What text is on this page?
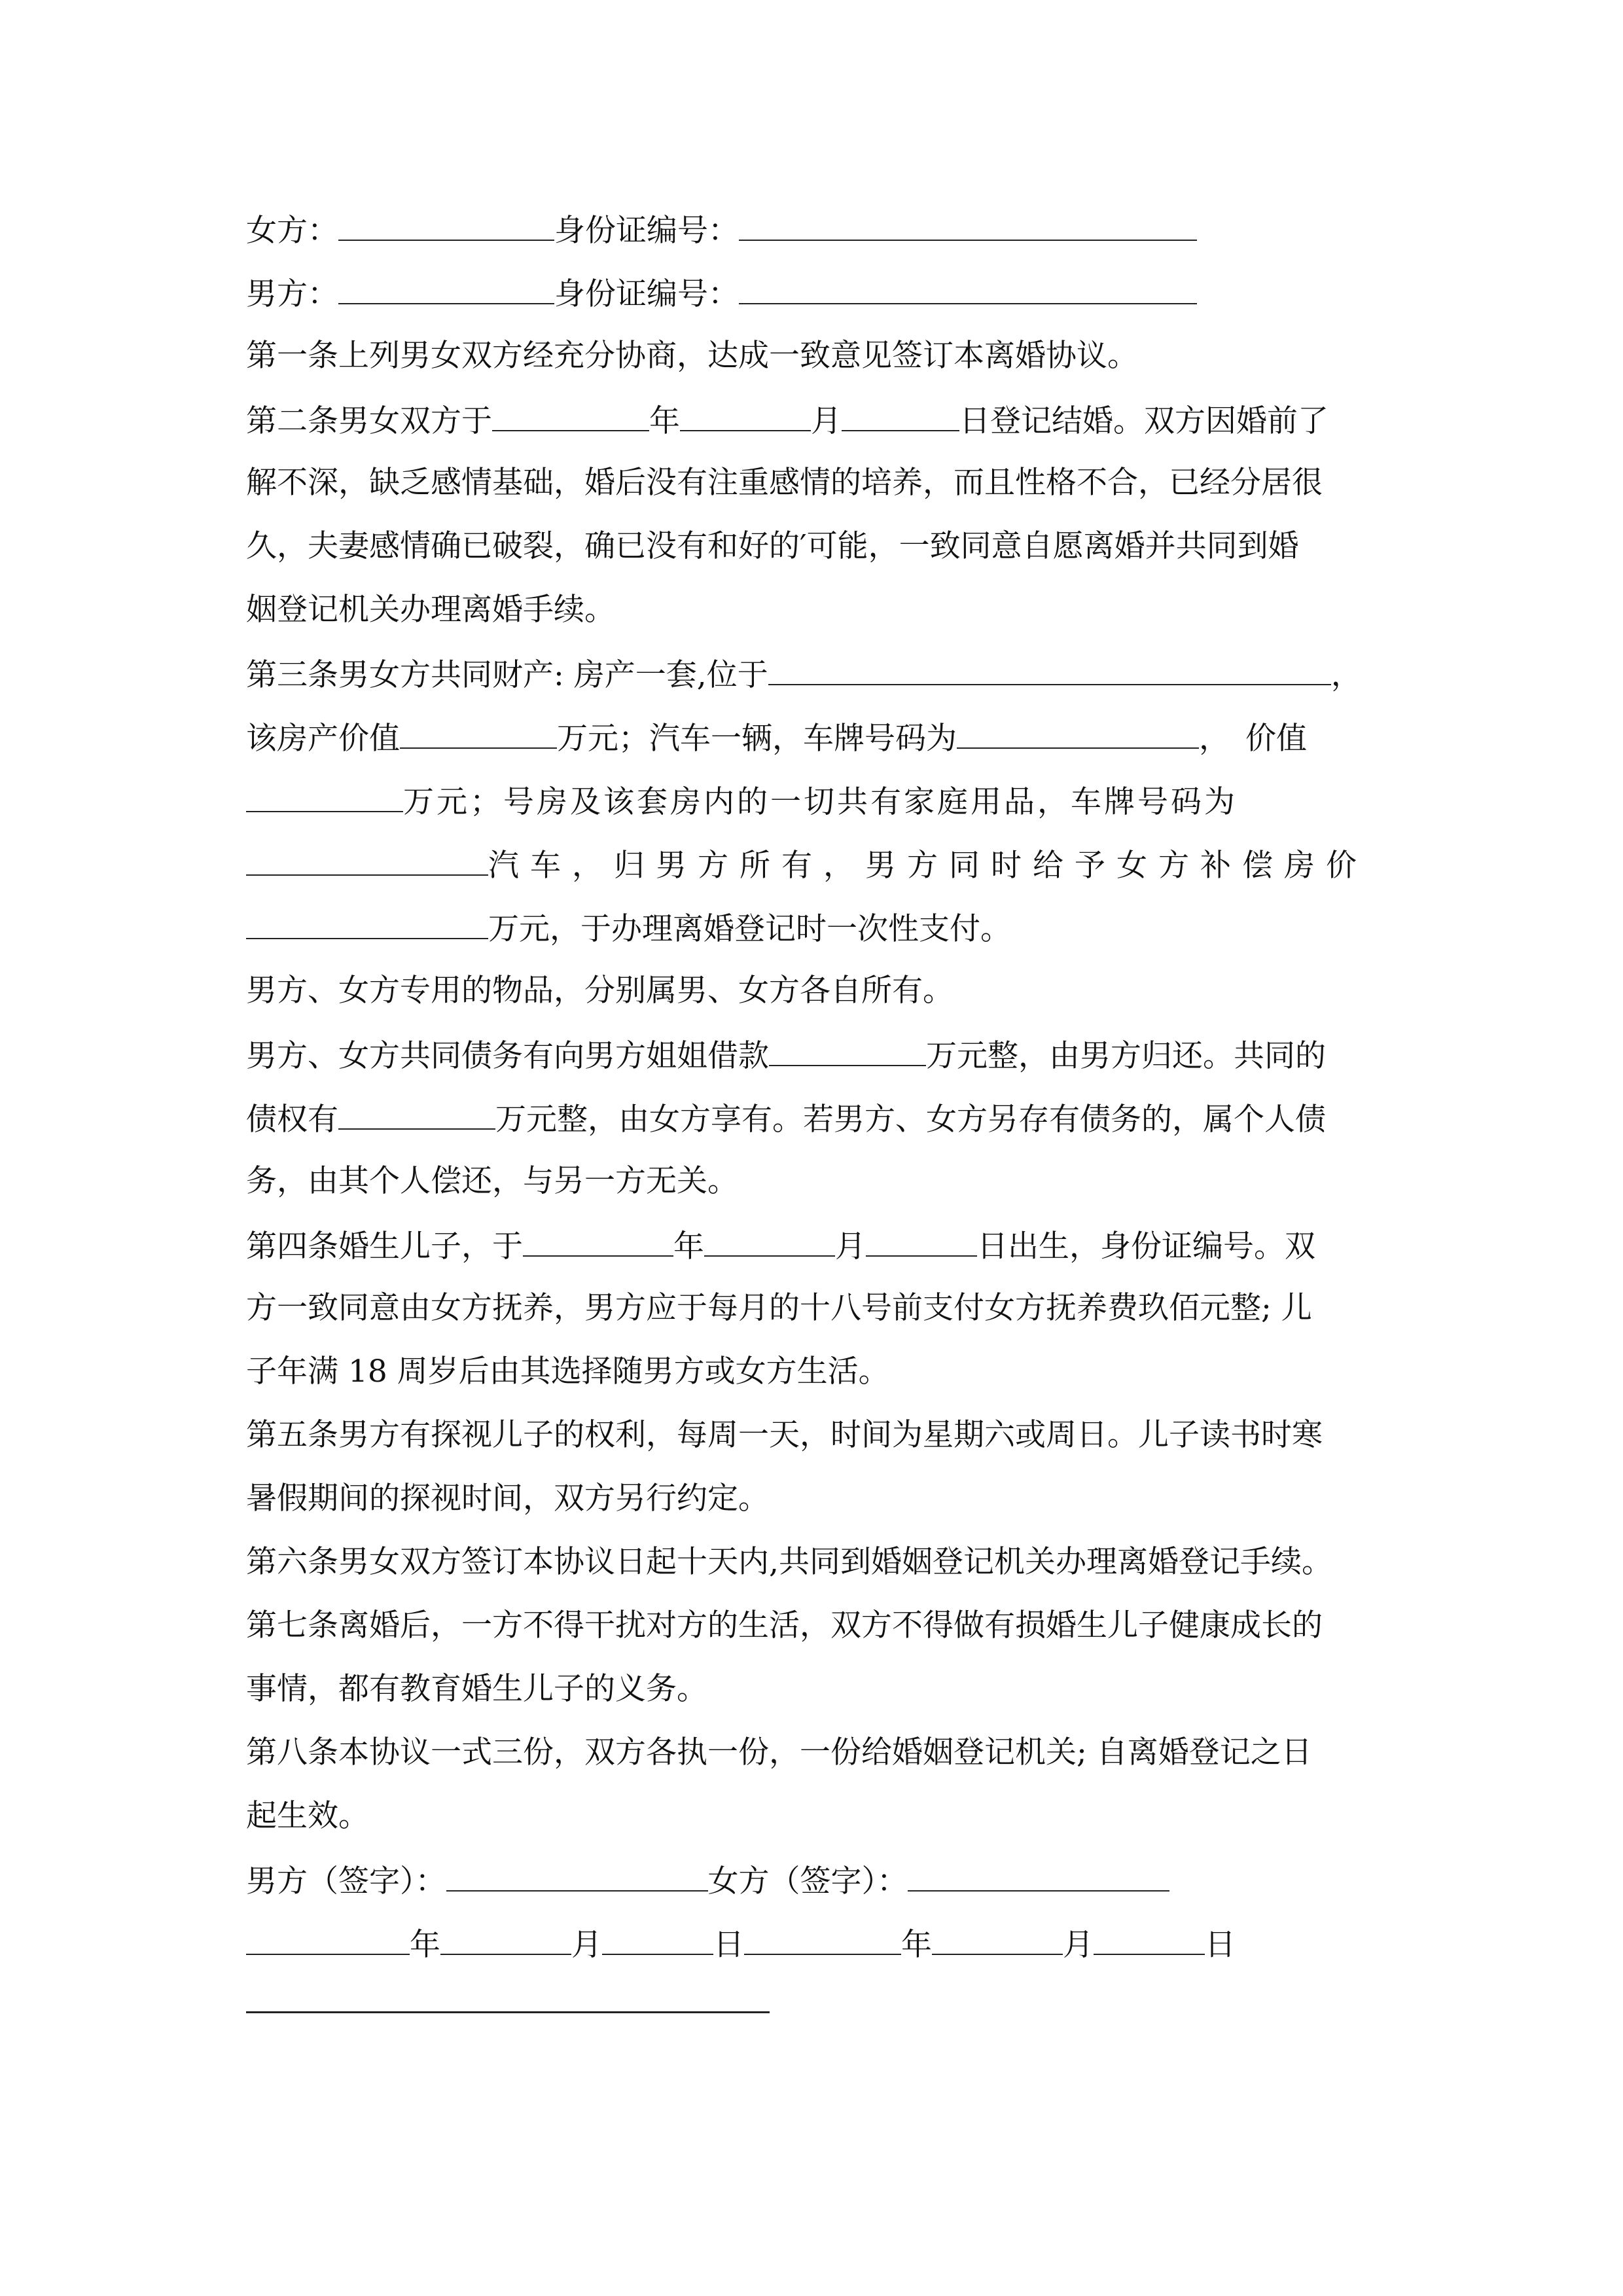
女方：	身份证编号：
男方：	身份证编号：
第一条上列男女双方经充分协商，达成一致意见签订本离婚协议。
第二条男女双方于	年	月	日登记结婚。双方因婚前了
解不深，缺乏感情基础，婚后没有注重感情的培养，而且性格不合，已经分居很
久，夫妻感情确已破裂，确已没有和好的′可能，一致同意自愿离婚并共同到婚
姻登记机关办理离婚手续。
第三条男女方共同财产: 房产一套,位于	，
该房产价值	万元；汽车一辆，车牌号码为	， 价值
万元；号房及该套房内的一切共有家庭用品，车牌号码为
汽车，归男方所有，男方同时给予女方补偿房价
万元，于办理离婚登记时一次性支付。
男方、女方专用的物品，分别属男、女方各自所有。
男方、女方共同债务有向男方姐姐借款	万元整，由男方归还。共同的
债权有	万元整，由女方享有。若男方、女方另存有债务的，属个人债
务，由其个人偿还，与另一方无关。
第四条婚生儿子，于	年	月	日出生，身份证编号。双
方一致同意由女方抚养，男方应于每月的十八号前支付女方抚养费玖佰元整; 儿
子年满 18 周岁后由其选择随男方或女方生活。
第五条男方有探视儿子的权利，每周一天，时间为星期六或周日。儿子读书时寒
暑假期间的探视时间，双方另行约定。
第六条男女双方签订本协议日起十天内,共同到婚姻登记机关办理离婚登记手续。
第七条离婚后，一方不得干扰对方的生活，双方不得做有损婚生儿子健康成长的
事情，都有教育婚生儿子的义务。
第八条本协议一式三份，双方各执一份，一份给婚姻登记机关; 自离婚登记之日
起生效。
男方（签字）：	女方（签字）：
年	月	日	年	月	日
